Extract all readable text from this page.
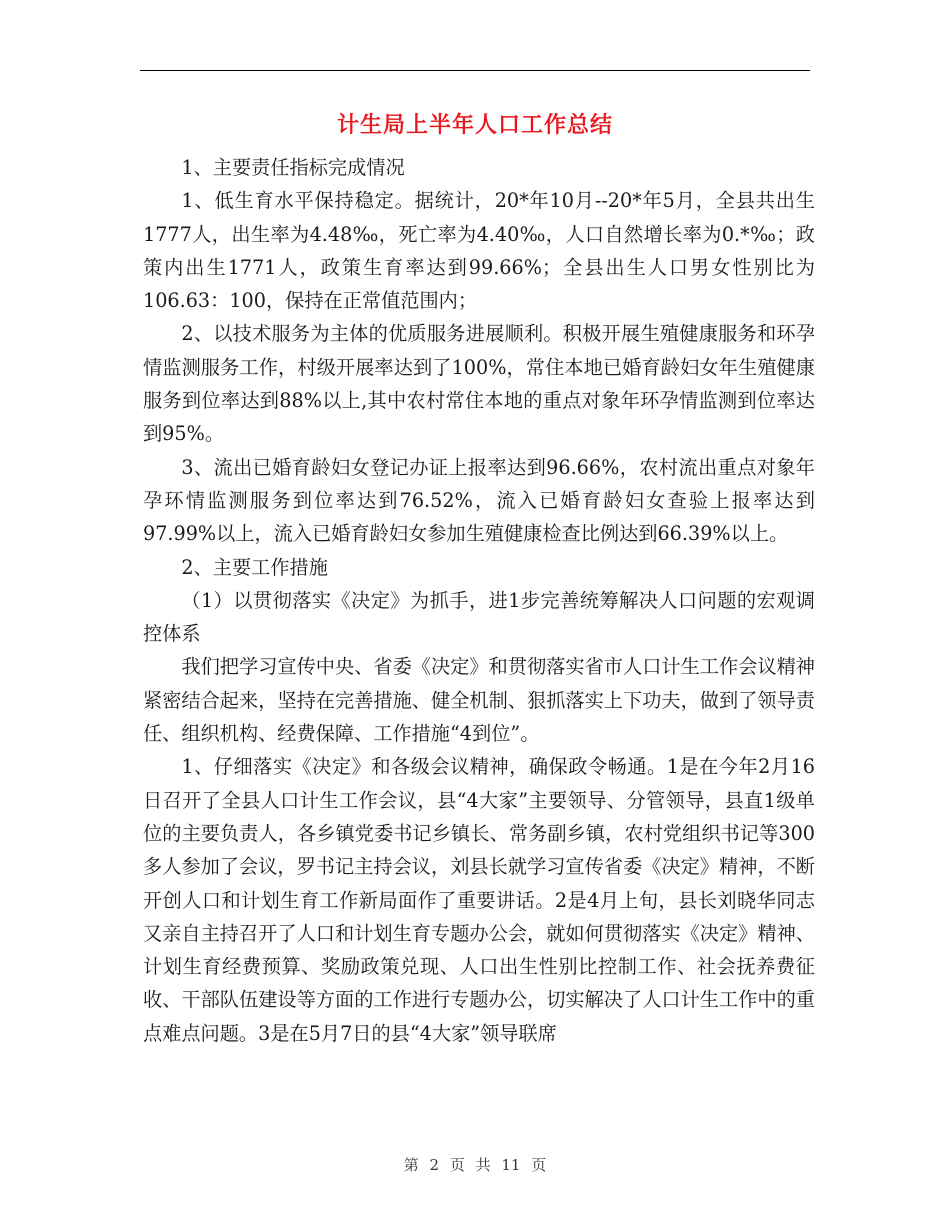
计生局上半年人口工作总结

1、主要责任指标完成情况

1、低生育水平保持稳定。据统计，20*年10月--20*年5月，全县共出生1777人，出生率为4.48‰，死亡率为4.40‰，人口自然增长率为0.*‰；政策内出生1771人，政策生育率达到99.66%；全县出生人口男女性别比为106.63：100，保持在正常值范围内；

2、以技术服务为主体的优质服务进展顺利。积极开展生殖健康服务和环孕情监测服务工作，村级开展率达到了100%，常住本地已婚育龄妇女年生殖健康服务到位率达到88%以上,其中农村常住本地的重点对象年环孕情监测到位率达到95%。

3、流出已婚育龄妇女登记办证上报率达到96.66%，农村流出重点对象年孕环情监测服务到位率达到76.52%，流入已婚育龄妇女查验上报率达到97.99%以上，流入已婚育龄妇女参加生殖健康检查比例达到66.39%以上。

2、主要工作措施

（1）以贯彻落实《决定》为抓手，进1步完善统筹解决人口问题的宏观调控体系

我们把学习宣传中央、省委《决定》和贯彻落实省市人口计生工作会议精神紧密结合起来，坚持在完善措施、健全机制、狠抓落实上下功夫，做到了领导责任、组织机构、经费保障、工作措施“4到位”。

1、仔细落实《决定》和各级会议精神，确保政令畅通。1是在今年2月16日召开了全县人口计生工作会议，县“4大家”主要领导、分管领导，县直1级单位的主要负责人，各乡镇党委书记乡镇长、常务副乡镇，农村党组织书记等300多人参加了会议，罗书记主持会议，刘县长就学习宣传省委《决定》精神，不断开创人口和计划生育工作新局面作了重要讲话。2是4月上旬，县长刘晓华同志又亲自主持召开了人口和计划生育专题办公会，就如何贯彻落实《决定》精神、计划生育经费预算、奖励政策兑现、人口出生性别比控制工作、社会抚养费征收、干部队伍建设等方面的工作进行专题办公，切实解决了人口计生工作中的重点难点问题。3是在5月7日的县“4大家”领导联席

第 2 页 共 11 页
